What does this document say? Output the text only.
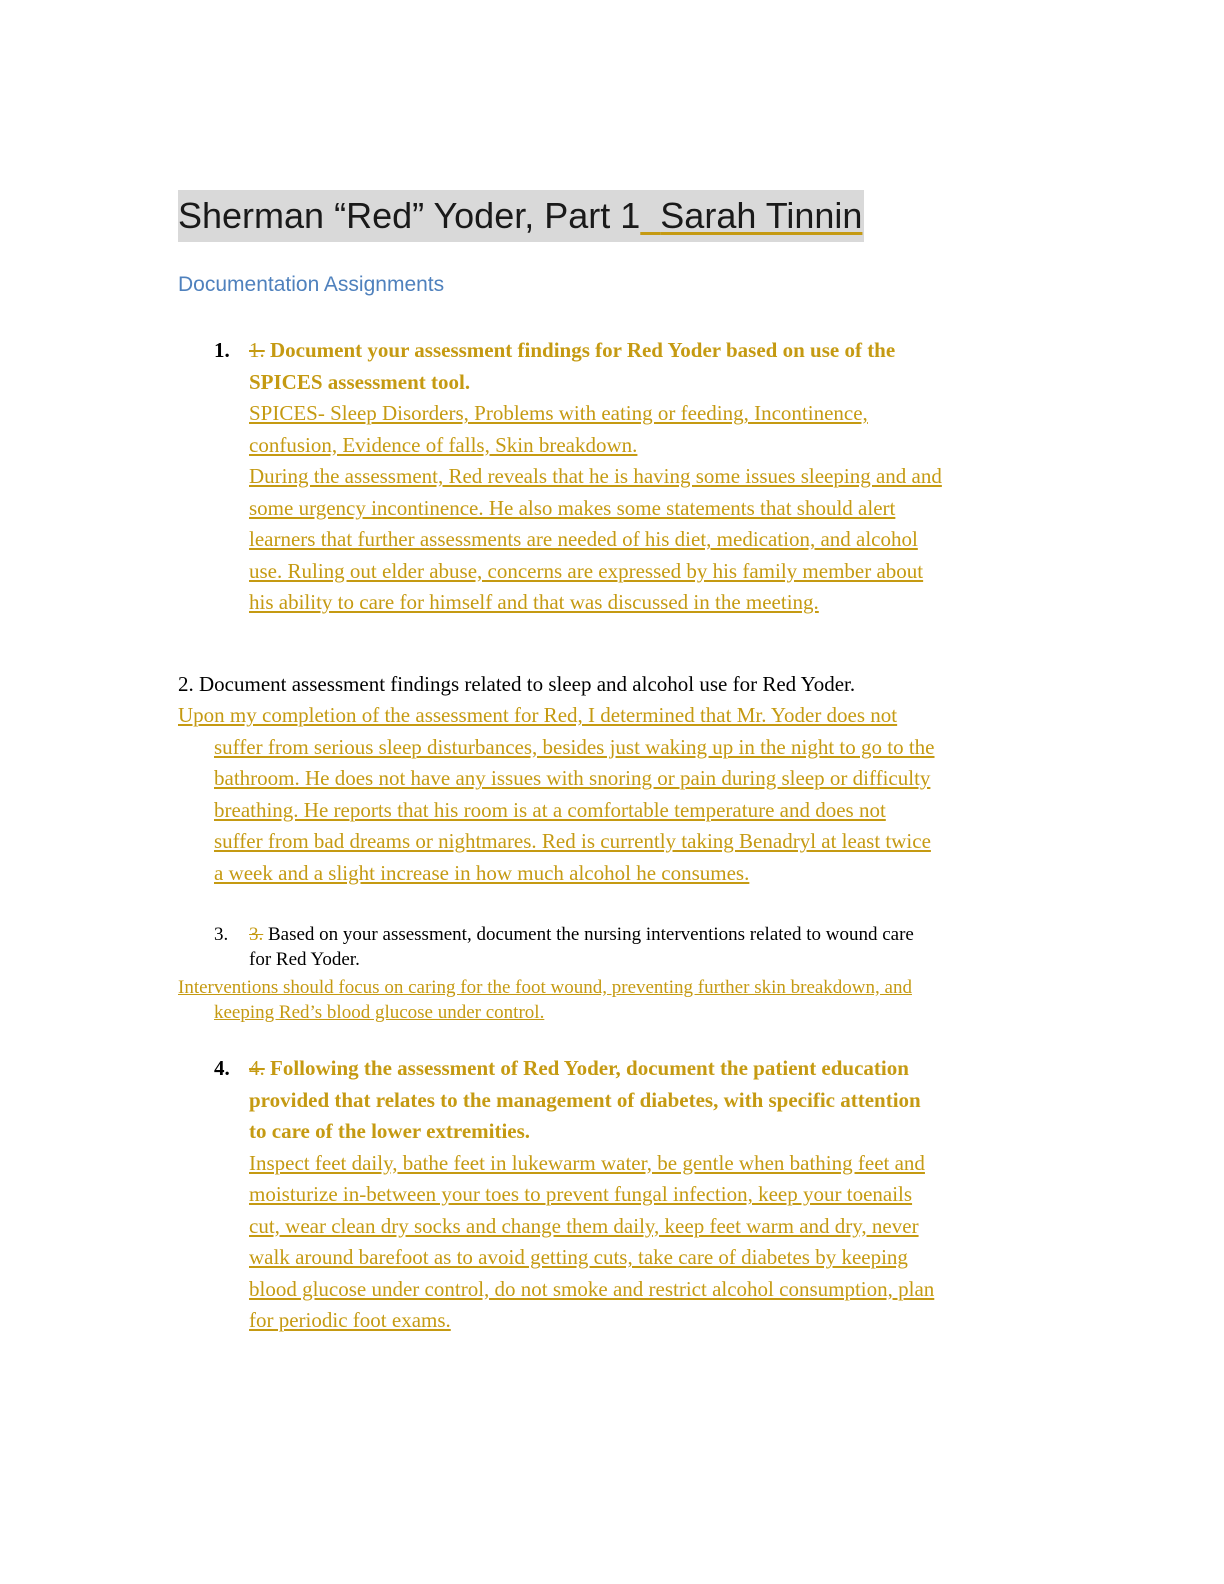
Sherman “Red” Yoder, Part 1 Sarah Tinnin
Documentation Assignments
1. 1. Document your assessment findings for Red Yoder based on use of the
SPICES assessment tool.
SPICES- Sleep Disorders, Problems with eating or feeding, Incontinence,
confusion, Evidence of falls, Skin breakdown.
During the assessment, Red reveals that he is having some issues sleeping and and
some urgency incontinence. He also makes some statements that should alert
learners that further assessments are needed of his diet, medication, and alcohol
use. Ruling out elder abuse, concerns are expressed by his family member about
his ability to care for himself and that was discussed in the meeting.
2. Document assessment findings related to sleep and alcohol use for Red Yoder.
Upon my completion of the assessment for Red, I determined that Mr. Yoder does not
suffer from serious sleep disturbances, besides just waking up in the night to go to the
bathroom. He does not have any issues with snoring or pain during sleep or difficulty
breathing. He reports that his room is at a comfortable temperature and does not
suffer from bad dreams or nightmares. Red is currently taking Benadryl at least twice
a week and a slight increase in how much alcohol he consumes.
3. 3. Based on your assessment, document the nursing interventions related to wound care
for Red Yoder.
Interventions should focus on caring for the foot wound, preventing further skin breakdown, and
keeping Red’s blood glucose under control.
4. 4. Following the assessment of Red Yoder, document the patient education
provided that relates to the management of diabetes, with specific attention
to care of the lower extremities.
Inspect feet daily, bathe feet in lukewarm water, be gentle when bathing feet and
moisturize in-between your toes to prevent fungal infection, keep your toenails
cut, wear clean dry socks and change them daily, keep feet warm and dry, never
walk around barefoot as to avoid getting cuts, take care of diabetes by keeping
blood glucose under control, do not smoke and restrict alcohol consumption, plan
for periodic foot exams.
